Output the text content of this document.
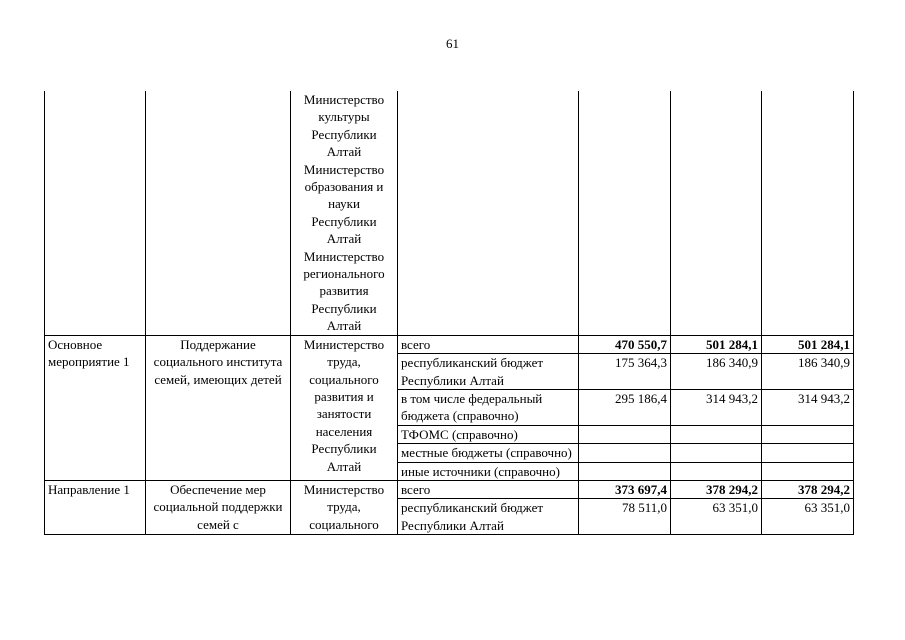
61
		Министерство культуры Республики Алтай Министерство образования и науки Республики Алтай Министерство регионального развития Республики Алтай				
Основное мероприятие 1	Поддержание социального института семей, имеющих детей	Министерство труда, социального развития и занятости населения Республики Алтай	всего	470 550,7	501 284,1	501 284,1
			республиканский бюджет Республики Алтай	175 364,3	186 340,9	186 340,9
			в том числе федеральный бюджета (справочно)	295 186,4	314 943,2	314 943,2
			ТФОМС (справочно)			
			местные бюджеты (справочно)			
			иные источники (справочно)			
Направление 1	Обеспечение мер социальной поддержки семей с	Министерство труда, социального	всего	373 697,4	378 294,2	378 294,2
			республиканский бюджет Республики Алтай	78 511,0	63 351,0	63 351,0
